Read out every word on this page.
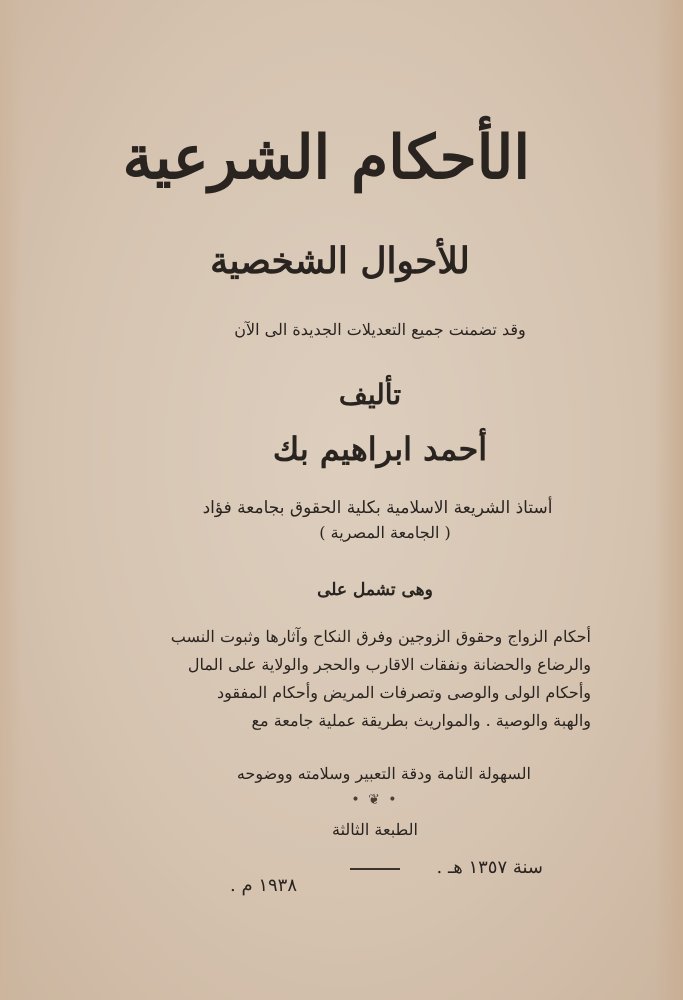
الأحكام الشرعية
للأحوال الشخصية
وقد تضمنت جميع التعديلات الجديدة الى الآن
تأليف
أحمد ابراهيم بك
أستاذ الشريعة الاسلامية بكلية الحقوق بجامعة فؤاد
( الجامعة المصرية )
وهى تشمل على
أحكام الزواج وحقوق الزوجين وفرق النكاح وآثارها وثبوت النسب
والرضاع والحضانة ونفقات الاقارب والحجر والولاية على المال
وأحكام الولى والوصى وتصرفات المريض وأحكام المفقود
والهبة والوصية . والمواريث بطريقة عملية جامعة مع
السهولة التامة ودقة التعبير وسلامته ووضوحه
• ❦ •
الطبعة الثالثة
سنة ١٣٥٧ هـ .
١٩٣٨ م .
